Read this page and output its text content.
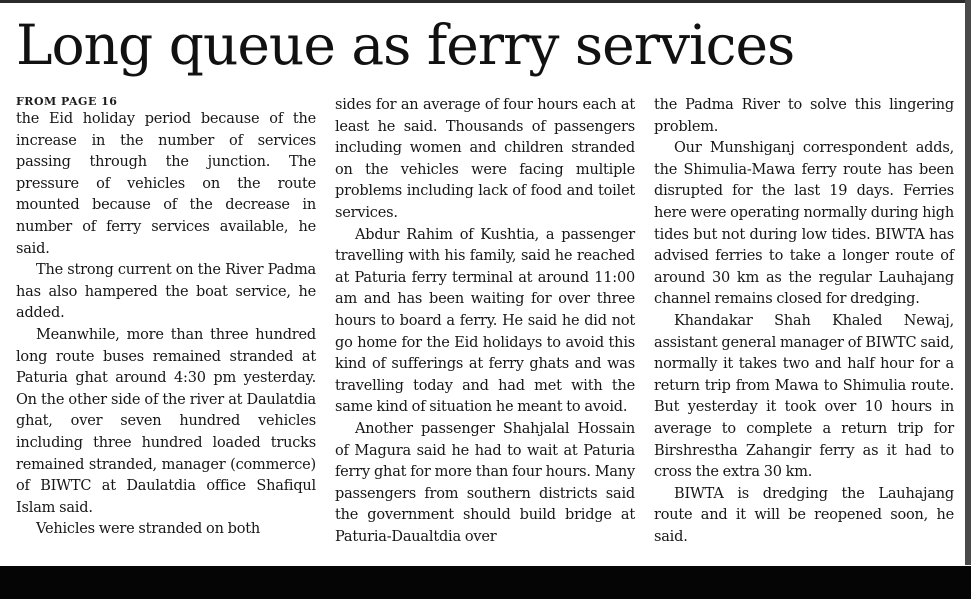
Long queue as ferry services
FROM PAGE 16

the Eid holiday period because of the increase in the number of services passing through the junction. The pressure of vehicles on the route mounted because of the decrease in number of ferry services available, he said.

The strong current on the River Padma has also hampered the boat service, he added.

Meanwhile, more than three hundred long route buses remained stranded at Paturia ghat around 4:30 pm yesterday. On the other side of the river at Daulatdia ghat, over seven hundred vehicles including three hundred loaded trucks remained stranded, manager (commerce) of BIWTC at Daulatdia office Shafiqul Islam said.

Vehicles were stranded on both

sides for an average of four hours each at least he said. Thousands of passengers including women and children stranded on the vehicles were facing multiple problems including lack of food and toilet services.

Abdur Rahim of Kushtia, a passenger travelling with his family, said he reached at Paturia ferry terminal at around 11:00 am and has been waiting for over three hours to board a ferry. He said he did not go home for the Eid holidays to avoid this kind of sufferings at ferry ghats and was travelling today and had met with the same kind of situation he meant to avoid.

Another passenger Shahjalal Hossain of Magura said he had to wait at Paturia ferry ghat for more than four hours. Many passengers from southern districts said the government should build bridge at Paturia-Daualtdia over

the Padma River to solve this lingering problem.

Our Munshiganj correspondent adds, the Shimulia-Mawa ferry route has been disrupted for the last 19 days. Ferries here were operating normally during high tides but not during low tides. BIWTA has advised ferries to take a longer route of around 30 km as the regular Lauhajang channel remains closed for dredging.

Khandakar Shah Khaled Newaj, assistant general manager of BIWTC said, normally it takes two and half hour for a return trip from Mawa to Shimulia route. But yesterday it took over 10 hours in average to complete a return trip for Birshrestha Zahangir ferry as it had to cross the extra 30 km.

BIWTA is dredging the Lauhajang route and it will be reopened soon, he said.
